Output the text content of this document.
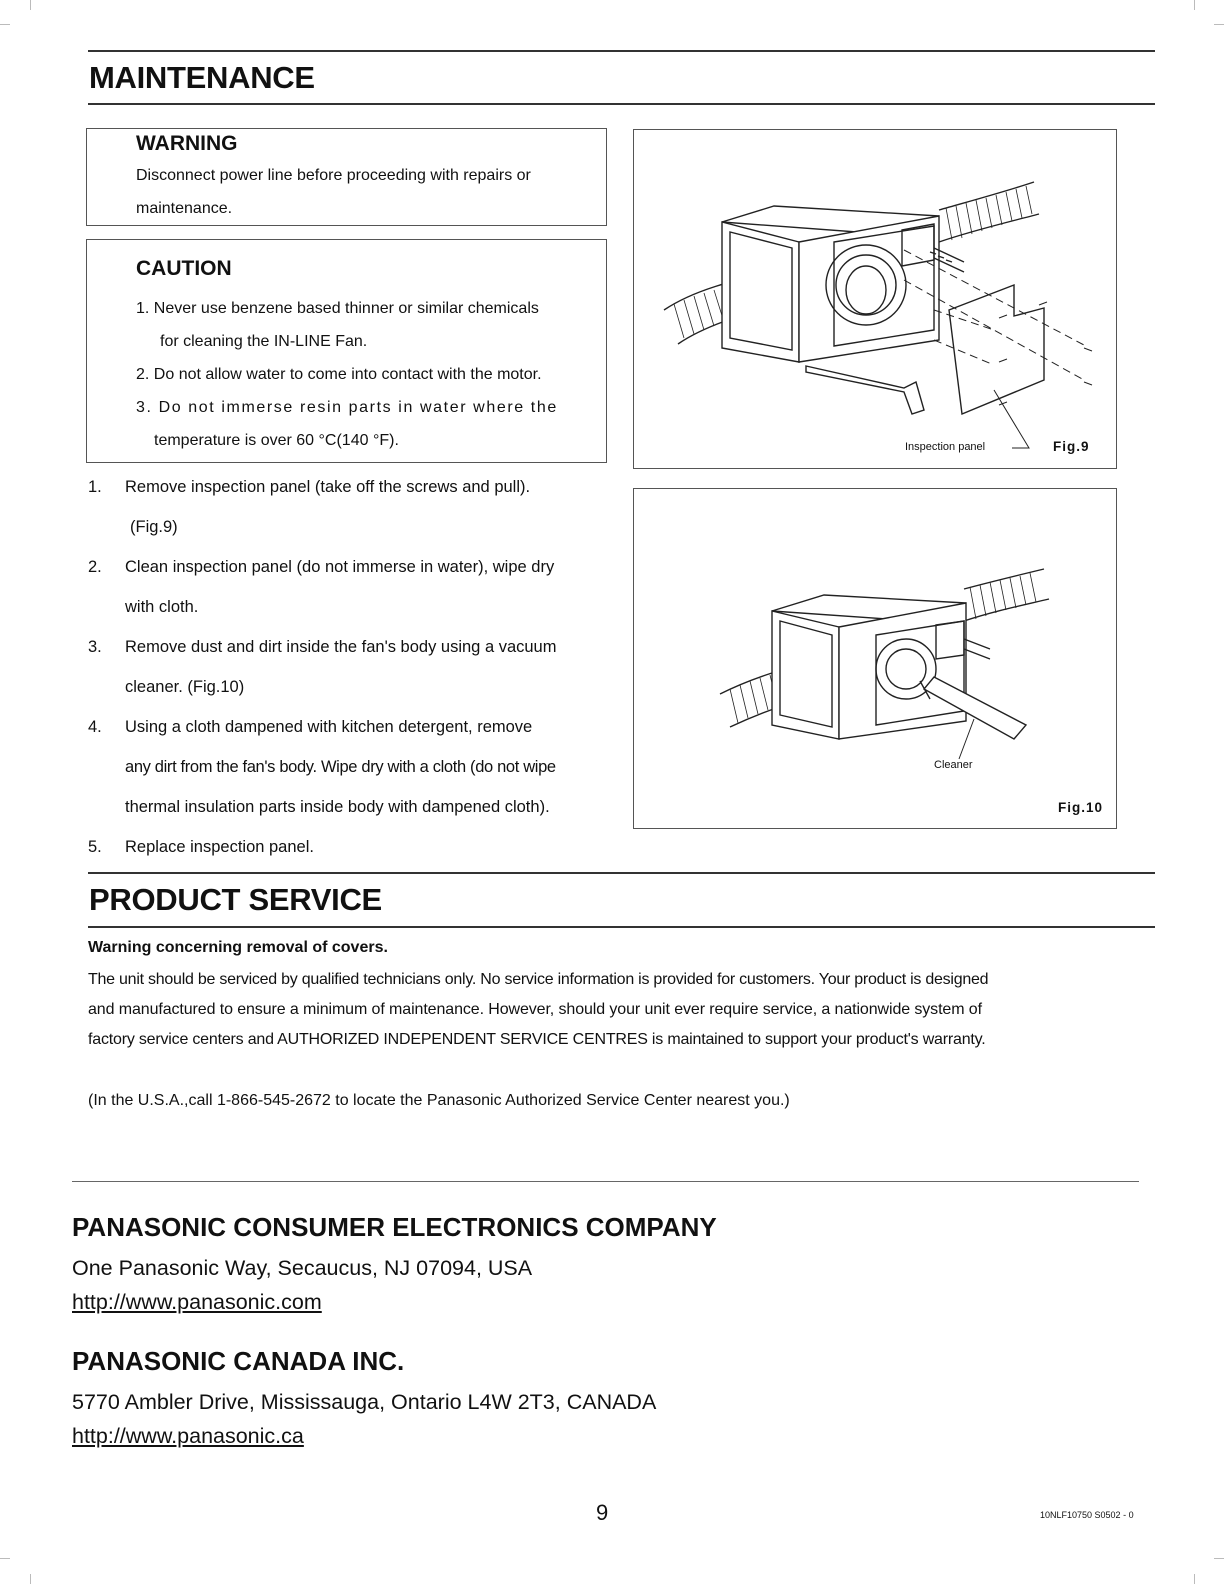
MAINTENANCE
WARNING
Disconnect power line before proceeding with repairs or
maintenance.
CAUTION
1. Never use benzene based thinner or similar chemicals
for cleaning the IN-LINE Fan.
2. Do not allow water to come into contact with the motor.
3. Do not immerse resin parts in water where the
temperature is over 60 °C(140 °F).
1. Remove inspection panel (take off the screws and pull).
(Fig.9)
2. Clean inspection panel (do not immerse in water), wipe dry
with cloth.
3. Remove dust and dirt inside the fan's body using a vacuum
cleaner. (Fig.10)
4. Using a cloth dampened with kitchen detergent, remove
any dirt from the fan's body. Wipe dry with a cloth (do not wipe
thermal insulation parts inside body with dampened cloth).
5. Replace inspection panel.
Inspection panel	Fig.9
Cleaner
Fig.10
PRODUCT SERVICE
Warning concerning removal of covers.
The unit should be serviced by qualified technicians only. No service information is provided for customers. Your product is designed
and manufactured to ensure a minimum of maintenance. However, should your unit ever require service, a nationwide system of
factory service centers and AUTHORIZED INDEPENDENT SERVICE CENTRES is maintained to support your product's warranty.
(In the U.S.A.,call 1-866-545-2672 to locate the Panasonic Authorized Service Center nearest you.)
PANASONIC CONSUMER ELECTRONICS COMPANY
One Panasonic Way, Secaucus, NJ 07094, USA
http://www.panasonic.com
PANASONIC CANADA INC.
5770 Ambler Drive, Mississauga, Ontario L4W 2T3, CANADA
http://www.panasonic.ca
9	10NLF10750 S0502 - 0
